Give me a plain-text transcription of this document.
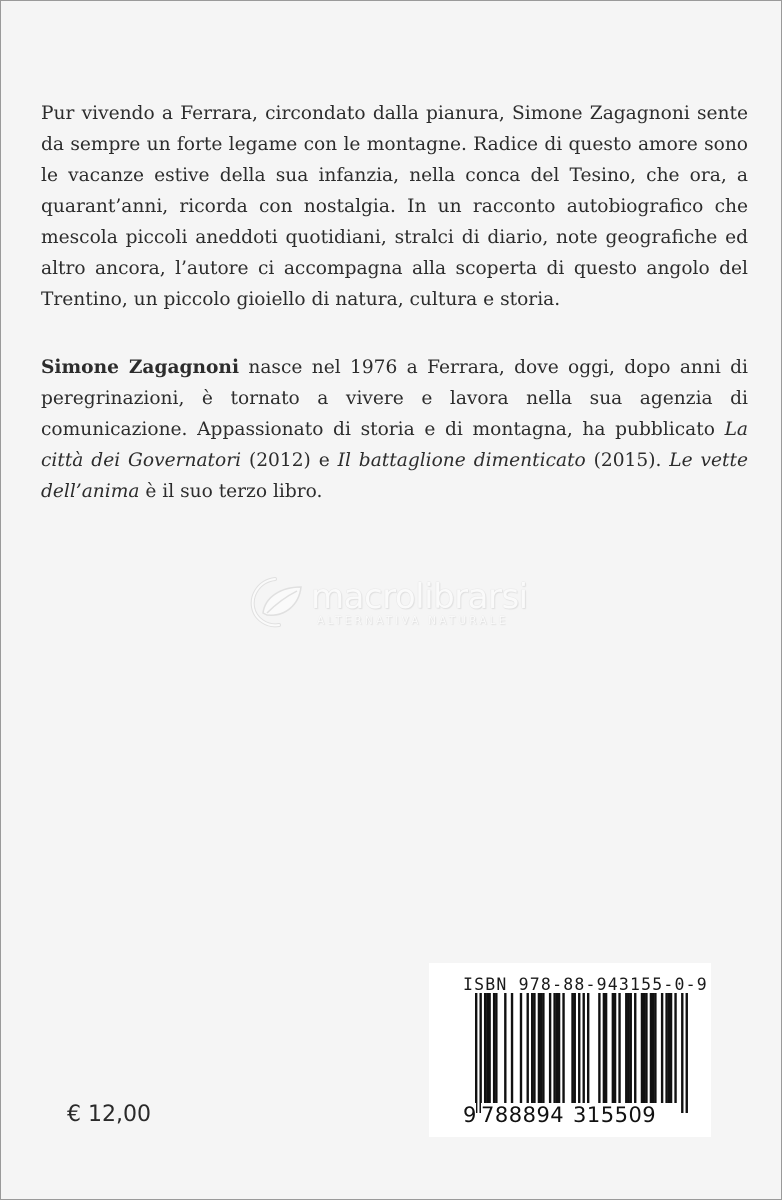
Pur vivendo a Ferrara, circondato dalla pianura, Simone Zagagnoni sente da sempre un forte legame con le montagne. Radice di questo amore sono le vacanze estive della sua infanzia, nella conca del Tesino, che ora, a quarant’anni, ricorda con nostalgia. In un racconto autobiografico che mescola piccoli aneddoti quotidiani, stralci di diario, note geografiche ed altro ancora, l’autore ci accompagna alla scoperta di questo angolo del Trentino, un piccolo gioiello di natura, cultura e storia.

Simone Zagagnoni nasce nel 1976 a Ferrara, dove oggi, dopo anni di peregrinazioni, è tornato a vivere e lavora nella sua agenzia di comunicazione. Appassionato di storia e di montagna, ha pubblicato La città dei Governatori (2012) e Il battaglione dimenticato (2015). Le vette dell’anima è il suo terzo libro.

macrolibrarsi
ALTERNATIVA NATURALE
ISBN 978-88-943155-0-9
9 788894 315509
€ 12,00
